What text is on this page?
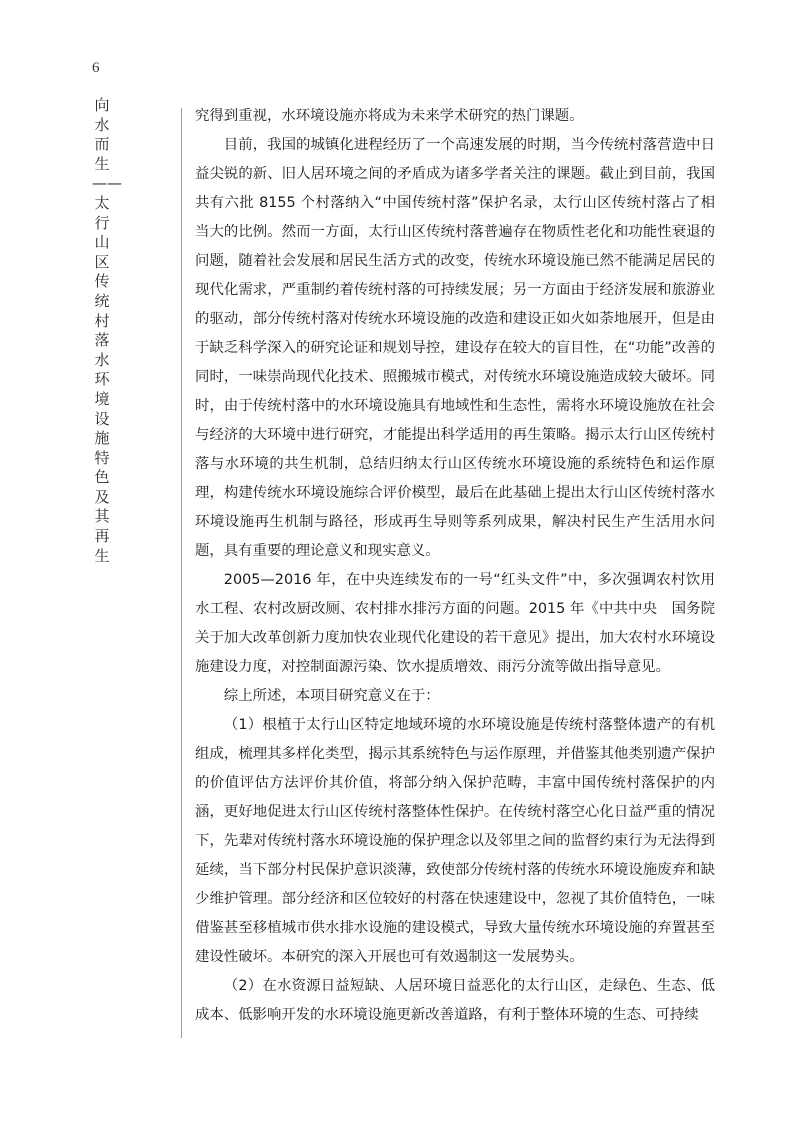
6
向水而生——太行山区传统村落水环境设施特色及其再生

究得到重视，水环境设施亦将成为未来学术研究的热门课题。

目前，我国的城镇化进程经历了一个高速发展的时期，当今传统村落营造中日益尖锐的新、旧人居环境之间的矛盾成为诸多学者关注的课题。截止到目前，我国共有六批 8155 个村落纳入“中国传统村落”保护名录，太行山区传统村落占了相当大的比例。然而一方面，太行山区传统村落普遍存在物质性老化和功能性衰退的问题，随着社会发展和居民生活方式的改变，传统水环境设施已然不能满足居民的现代化需求，严重制约着传统村落的可持续发展；另一方面由于经济发展和旅游业的驱动，部分传统村落对传统水环境设施的改造和建设正如火如荼地展开，但是由于缺乏科学深入的研究论证和规划导控，建设存在较大的盲目性，在“功能”改善的同时，一味崇尚现代化技术、照搬城市模式，对传统水环境设施造成较大破坏。同时，由于传统村落中的水环境设施具有地域性和生态性，需将水环境设施放在社会与经济的大环境中进行研究，才能提出科学适用的再生策略。揭示太行山区传统村落与水环境的共生机制，总结归纳太行山区传统水环境设施的系统特色和运作原理，构建传统水环境设施综合评价模型，最后在此基础上提出太行山区传统村落水环境设施再生机制与路径，形成再生导则等系列成果，解决村民生产生活用水问题，具有重要的理论意义和现实意义。

2005—2016 年，在中央连续发布的一号“红头文件”中，多次强调农村饮用水工程、农村改厨改厕、农村排水排污方面的问题。2015 年《中共中央　国务院关于加大改革创新力度加快农业现代化建设的若干意见》提出，加大农村水环境设施建设力度，对控制面源污染、饮水提质增效、雨污分流等做出指导意见。

综上所述，本项目研究意义在于：

（1）根植于太行山区特定地域环境的水环境设施是传统村落整体遗产的有机组成，梳理其多样化类型，揭示其系统特色与运作原理，并借鉴其他类别遗产保护的价值评估方法评价其价值，将部分纳入保护范畴，丰富中国传统村落保护的内涵，更好地促进太行山区传统村落整体性保护。在传统村落空心化日益严重的情况下，先辈对传统村落水环境设施的保护理念以及邻里之间的监督约束行为无法得到延续，当下部分村民保护意识淡薄，致使部分传统村落的传统水环境设施废弃和缺少维护管理。部分经济和区位较好的村落在快速建设中，忽视了其价值特色，一味借鉴甚至移植城市供水排水设施的建设模式，导致大量传统水环境设施的弃置甚至建设性破坏。本研究的深入开展也可有效遏制这一发展势头。

（2）在水资源日益短缺、人居环境日益恶化的太行山区，走绿色、生态、低成本、低影响开发的水环境设施更新改善道路，有利于整体环境的生态、可持续
